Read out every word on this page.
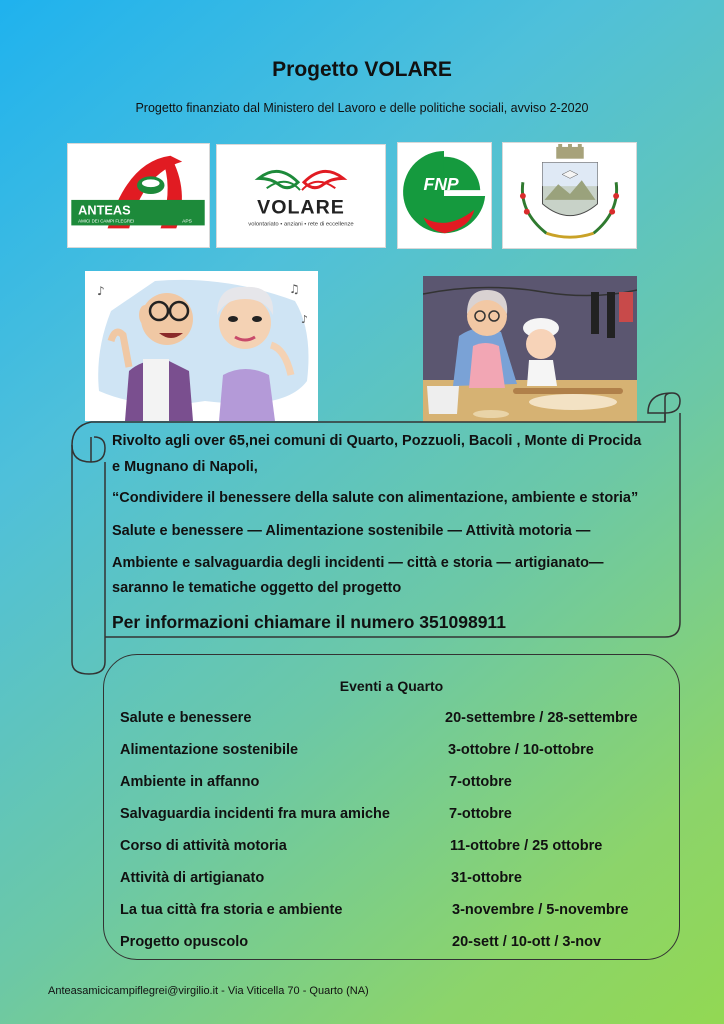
Progetto VOLARE
Progetto finanziato dal Ministero del Lavoro e delle politiche sociali, avviso 2-2020
ANTEAS
AMICI DEI CAMPI FLEGREI	APS
VOLARE
volontariato • anziani • rete di eccellenze
FNP
♪	♫
♪
Rivolto agli over 65,nei comuni di Quarto, Pozzuoli, Bacoli , Monte di Procida
e Mugnano di Napoli,
“Condividere il benessere della salute con alimentazione, ambiente e storia”
Salute e benessere — Alimentazione sostenibile — Attività motoria —
Ambiente e salvaguardia degli incidenti — città e storia — artigianato—
saranno le tematiche oggetto del progetto
Per informazioni chiamare il numero 351098911
Eventi a Quarto
Salute e benessere	20-settembre / 28-settembre
Alimentazione sostenibile	3-ottobre / 10-ottobre
Ambiente in affanno	7-ottobre
Salvaguardia incidenti fra mura amiche	7-ottobre
Corso di attività motoria	11-ottobre / 25 ottobre
Attività di artigianato	31-ottobre
La tua città fra storia e ambiente	3-novembre / 5-novembre
Progetto opuscolo	20-sett / 10-ott / 3-nov
Anteasamicicampiflegrei@virgilio.it - Via Viticella 70 - Quarto (NA)
